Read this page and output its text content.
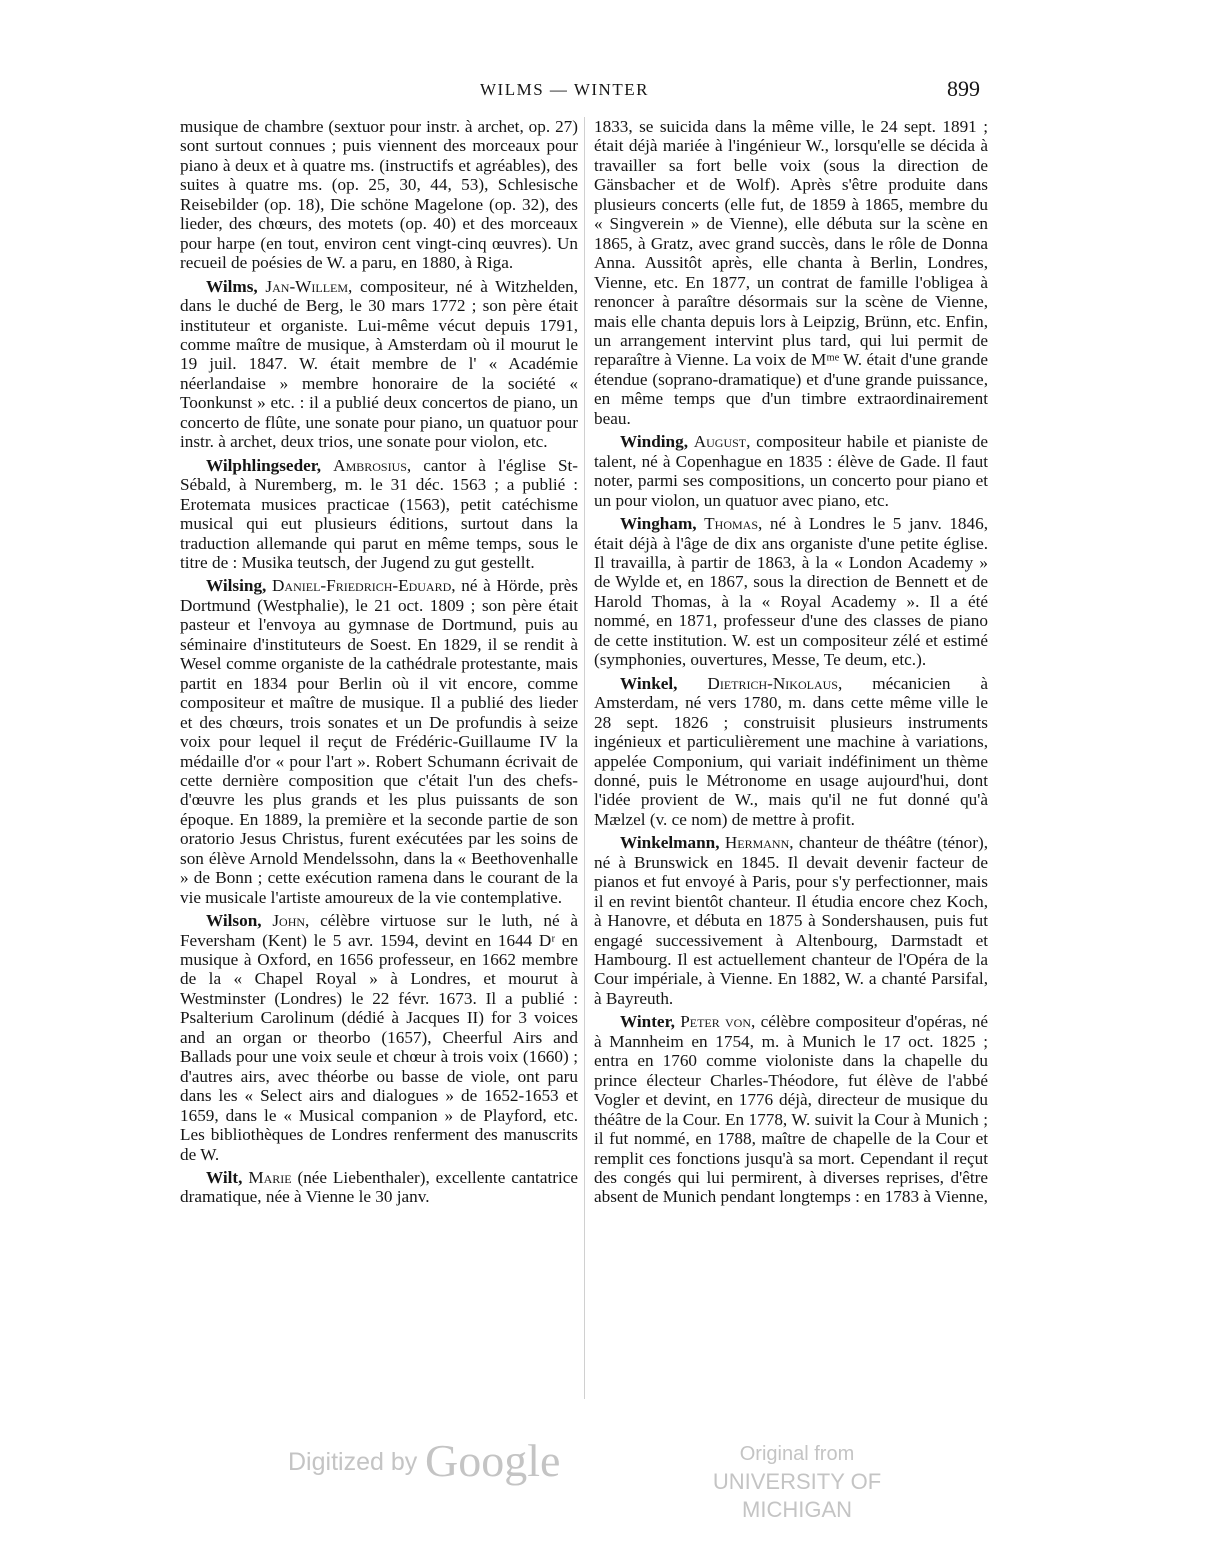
WILMS — WINTER	899

musique de chambre (sextuor pour instr. à archet, op. 27) sont surtout connues ; puis viennent des morceaux pour piano à deux et à quatre ms. (instructifs et agréables), des suites à quatre ms. (op. 25, 30, 44, 53), Schlesische Reisebilder (op. 18), Die schöne Magelone (op. 32), des lieder, des chœurs, des motets (op. 40) et des morceaux pour harpe (en tout, environ cent vingt-cinq œuvres). Un recueil de poésies de W. a paru, en 1880, à Riga.

Wilms, Jan-Willem, compositeur, né à Witzhelden, dans le duché de Berg, le 30 mars 1772 ; son père était instituteur et organiste. Lui-même vécut depuis 1791, comme maître de musique, à Amsterdam où il mourut le 19 juil. 1847. W. était membre de l' « Académie néerlandaise » membre honoraire de la société « Toonkunst » etc. : il a publié deux concertos de piano, un concerto de flûte, une sonate pour piano, un quatuor pour instr. à archet, deux trios, une sonate pour violon, etc.

Wilphlingseder, Ambrosius, cantor à l'église St-Sébald, à Nuremberg, m. le 31 déc. 1563 ; a publié : Erotemata musices practicae (1563), petit catéchisme musical qui eut plusieurs éditions, surtout dans la traduction allemande qui parut en même temps, sous le titre de : Musika teutsch, der Jugend zu gut gestellt.

Wilsing, Daniel-Friedrich-Eduard, né à Hörde, près Dortmund (Westphalie), le 21 oct. 1809 ; son père était pasteur et l'envoya au gymnase de Dortmund, puis au séminaire d'instituteurs de Soest. En 1829, il se rendit à Wesel comme organiste de la cathédrale protestante, mais partit en 1834 pour Berlin où il vit encore, comme compositeur et maître de musique. Il a publié des lieder et des chœurs, trois sonates et un De profundis à seize voix pour lequel il reçut de Frédéric-Guillaume IV la médaille d'or « pour l'art ». Robert Schumann écrivait de cette dernière composition que c'était l'un des chefs-d'œuvre les plus grands et les plus puissants de son époque. En 1889, la première et la seconde partie de son oratorio Jesus Christus, furent exécutées par les soins de son élève Arnold Mendelssohn, dans la « Beethovenhalle » de Bonn ; cette exécution ramena dans le courant de la vie musicale l'artiste amoureux de la vie contemplative.

Wilson, John, célèbre virtuose sur le luth, né à Feversham (Kent) le 5 avr. 1594, devint en 1644 Dʳ en musique à Oxford, en 1656 professeur, en 1662 membre de la « Chapel Royal » à Londres, et mourut à Westminster (Londres) le 22 févr. 1673. Il a publié : Psalterium Carolinum (dédié à Jacques II) for 3 voices and an organ or theorbo (1657), Cheerful Airs and Ballads pour une voix seule et chœur à trois voix (1660) ; d'autres airs, avec théorbe ou basse de viole, ont paru dans les « Select airs and dialogues » de 1652-1653 et 1659, dans le « Musical companion » de Playford, etc. Les bibliothèques de Londres renferment des manuscrits de W.

Wilt, Marie (née Liebenthaler), excellente cantatrice dramatique, née à Vienne le 30 janv.

1833, se suicida dans la même ville, le 24 sept. 1891 ; était déjà mariée à l'ingénieur W., lorsqu'elle se décida à travailler sa fort belle voix (sous la direction de Gänsbacher et de Wolf). Après s'être produite dans plusieurs concerts (elle fut, de 1859 à 1865, membre du « Singverein » de Vienne), elle débuta sur la scène en 1865, à Gratz, avec grand succès, dans le rôle de Donna Anna. Aussitôt après, elle chanta à Berlin, Londres, Vienne, etc. En 1877, un contrat de famille l'obligea à renoncer à paraître désormais sur la scène de Vienne, mais elle chanta depuis lors à Leipzig, Brünn, etc. Enfin, un arrangement intervint plus tard, qui lui permit de reparaître à Vienne. La voix de Mᵐᵉ W. était d'une grande étendue (soprano-dramatique) et d'une grande puissance, en même temps que d'un timbre extraordinairement beau.

Winding, August, compositeur habile et pianiste de talent, né à Copenhague en 1835 : élève de Gade. Il faut noter, parmi ses compositions, un concerto pour piano et un pour violon, un quatuor avec piano, etc.

Wingham, Thomas, né à Londres le 5 janv. 1846, était déjà à l'âge de dix ans organiste d'une petite église. Il travailla, à partir de 1863, à la « London Academy » de Wylde et, en 1867, sous la direction de Bennett et de Harold Thomas, à la « Royal Academy ». Il a été nommé, en 1871, professeur d'une des classes de piano de cette institution. W. est un compositeur zélé et estimé (symphonies, ouvertures, Messe, Te deum, etc.).

Winkel, Dietrich-Nikolaus, mécanicien à Amsterdam, né vers 1780, m. dans cette même ville le 28 sept. 1826 ; construisit plusieurs instruments ingénieux et particulièrement une machine à variations, appelée Componium, qui variait indéfiniment un thème donné, puis le Métronome en usage aujourd'hui, dont l'idée provient de W., mais qu'il ne fut donné qu'à Mælzel (v. ce nom) de mettre à profit.

Winkelmann, Hermann, chanteur de théâtre (ténor), né à Brunswick en 1845. Il devait devenir facteur de pianos et fut envoyé à Paris, pour s'y perfectionner, mais il en revint bientôt chanteur. Il étudia encore chez Koch, à Hanovre, et débuta en 1875 à Sondershausen, puis fut engagé successivement à Altenbourg, Darmstadt et Hambourg. Il est actuellement chanteur de l'Opéra de la Cour impériale, à Vienne. En 1882, W. a chanté Parsifal, à Bayreuth.

Winter, Peter von, célèbre compositeur d'opéras, né à Mannheim en 1754, m. à Munich le 17 oct. 1825 ; entra en 1760 comme violoniste dans la chapelle du prince électeur Charles-Théodore, fut élève de l'abbé Vogler et devint, en 1776 déjà, directeur de musique du théâtre de la Cour. En 1778, W. suivit la Cour à Munich ; il fut nommé, en 1788, maître de chapelle de la Cour et remplit ces fonctions jusqu'à sa mort. Cependant il reçut des congés qui lui permirent, à diverses reprises, d'être absent de Munich pendant longtemps : en 1783 à Vienne,

Digitized by Google	Original from
UNIVERSITY OF MICHIGAN
